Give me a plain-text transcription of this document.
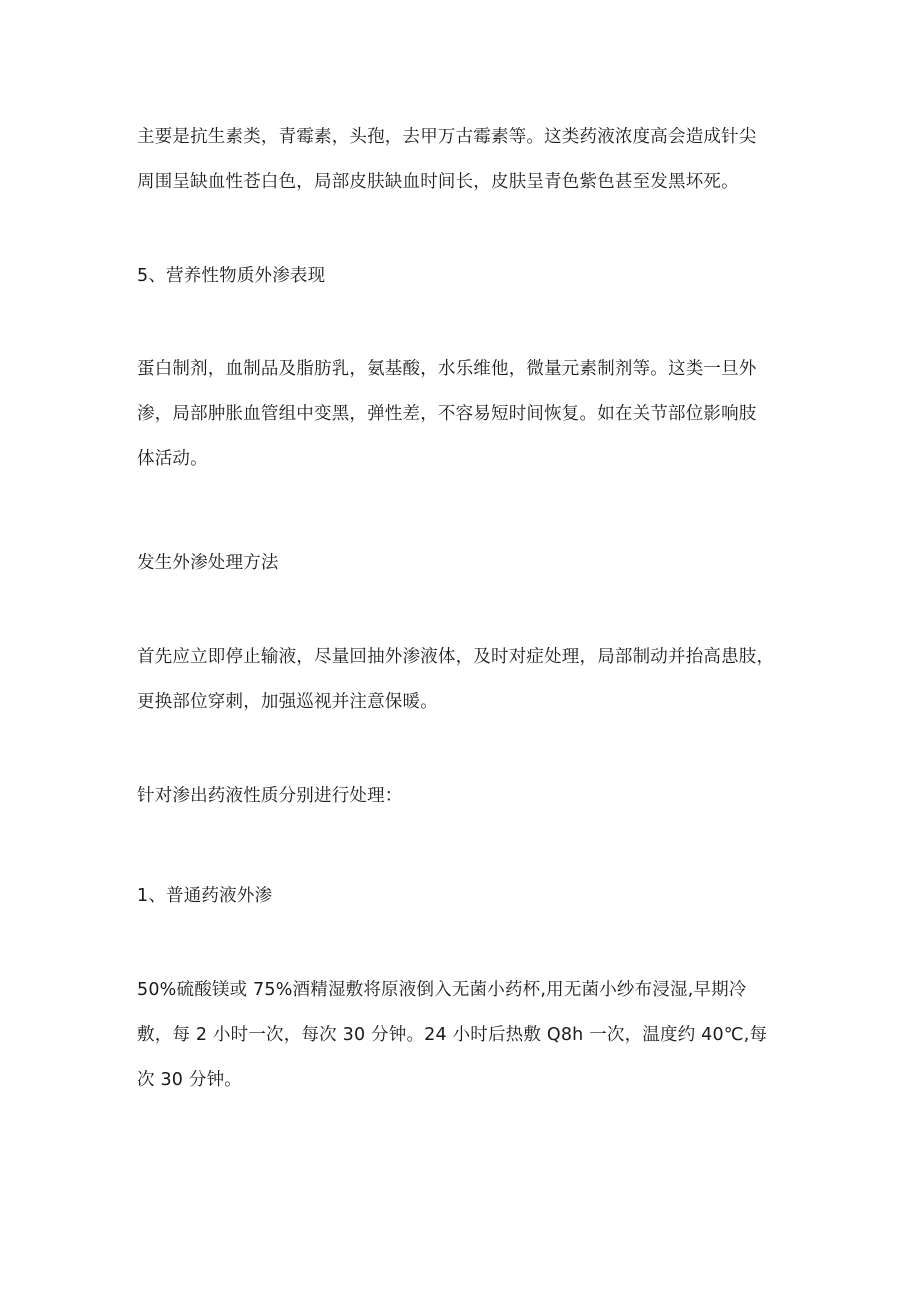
主要是抗生素类，青霉素，头孢，去甲万古霉素等。这类药液浓度高会造成针尖
周围呈缺血性苍白色，局部皮肤缺血时间长，皮肤呈青色紫色甚至发黑坏死。

5、营养性物质外渗表现

蛋白制剂，血制品及脂肪乳，氨基酸，水乐维他，微量元素制剂等。这类一旦外
渗，局部肿胀血管组中变黑，弹性差，不容易短时间恢复。如在关节部位影响肢
体活动。

发生外渗处理方法

首先应立即停止输液，尽量回抽外渗液体，及时对症处理，局部制动并抬高患肢，
更换部位穿刺，加强巡视并注意保暖。

针对渗出药液性质分别进行处理：

1、普通药液外渗

50%硫酸镁或 75%酒精湿敷将原液倒入无菌小药杯,用无菌小纱布浸湿,早期冷
敷，每 2 小时一次，每次 30 分钟。24 小时后热敷 Q8h 一次，温度约 40℃,每
次 30 分钟。
